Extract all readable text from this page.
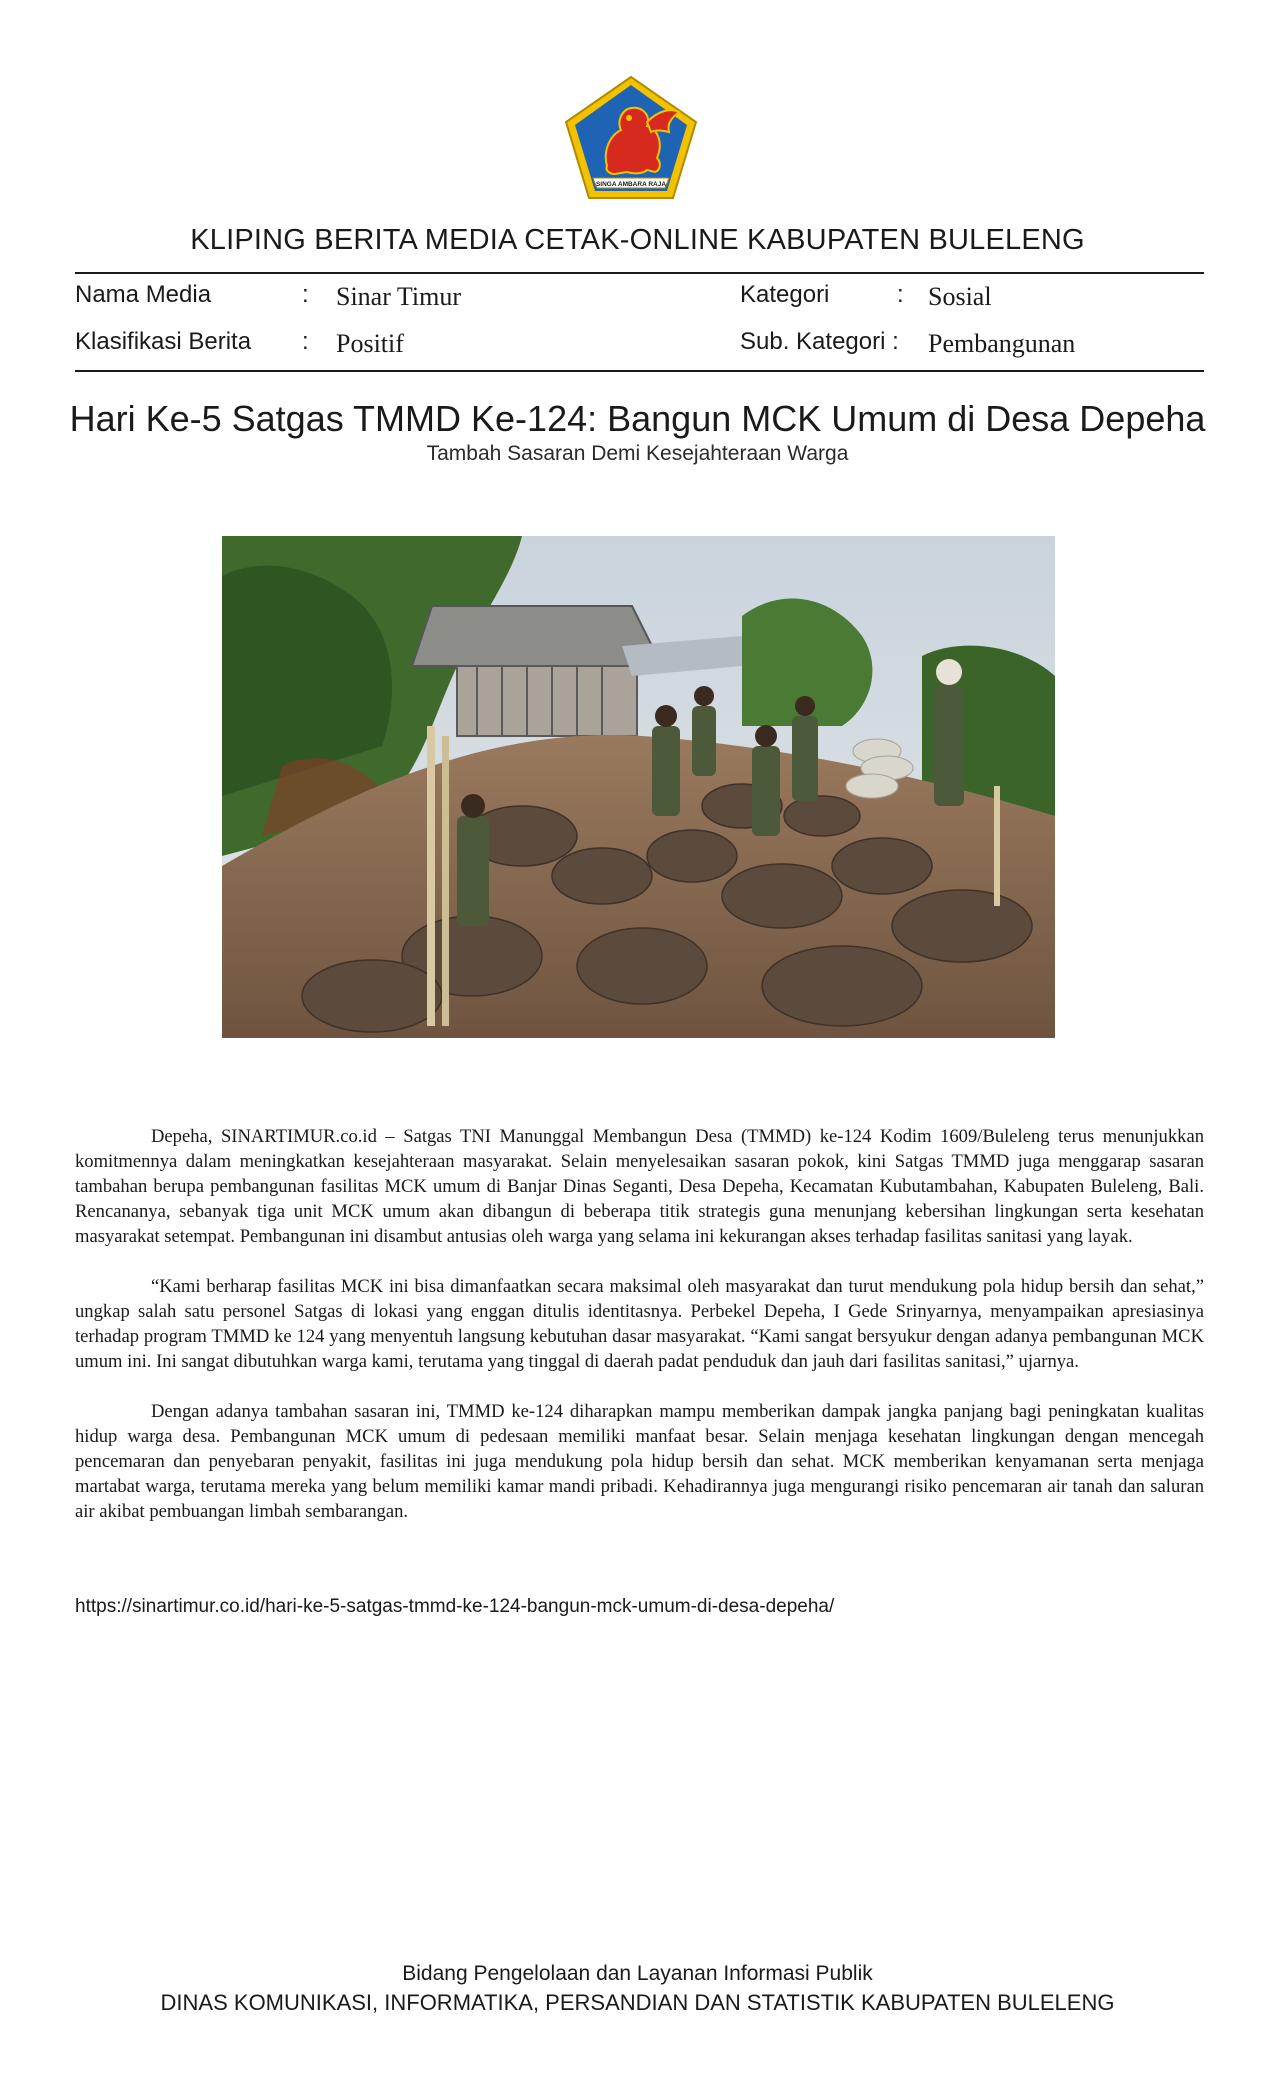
SINGA AMBARA RAJA
KLIPING BERITA MEDIA CETAK-ONLINE KABUPATEN BULELENG
Nama Media	: Sinar Timur	Kategori	: Sosial
Klasifikasi Berita : Positif	Sub. Kategori : Pembangunan
Hari Ke-5 Satgas TMMD Ke-124: Bangun MCK Umum di Desa Depeha
Tambah Sasaran Demi Kesejahteraan Warga

Depeha, SINARTIMUR.co.id – Satgas TNI Manunggal Membangun Desa (TMMD) ke-124 Kodim 1609/Buleleng terus menunjukkan komitmennya dalam meningkatkan kesejahteraan masyarakat. Selain menyelesaikan sasaran pokok, kini Satgas TMMD juga menggarap sasaran tambahan berupa pembangunan fasilitas MCK umum di Banjar Dinas Seganti, Desa Depeha, Kecamatan Kubutambahan, Kabupaten Buleleng, Bali. Rencananya, sebanyak tiga unit MCK umum akan dibangun di beberapa titik strategis guna menunjang kebersihan lingkungan serta kesehatan masyarakat setempat. Pembangunan ini disambut antusias oleh warga yang selama ini kekurangan akses terhadap fasilitas sanitasi yang layak.

“Kami berharap fasilitas MCK ini bisa dimanfaatkan secara maksimal oleh masyarakat dan turut mendukung pola hidup bersih dan sehat,” ungkap salah satu personel Satgas di lokasi yang enggan ditulis identitasnya. Perbekel Depeha, I Gede Srinyarnya, menyampaikan apresiasinya terhadap program TMMD ke 124 yang menyentuh langsung kebutuhan dasar masyarakat. “Kami sangat bersyukur dengan adanya pembangunan MCK umum ini. Ini sangat dibutuhkan warga kami, terutama yang tinggal di daerah padat penduduk dan jauh dari fasilitas sanitasi,” ujarnya.

Dengan adanya tambahan sasaran ini, TMMD ke-124 diharapkan mampu memberikan dampak jangka panjang bagi peningkatan kualitas hidup warga desa. Pembangunan MCK umum di pedesaan memiliki manfaat besar. Selain menjaga kesehatan lingkungan dengan mencegah pencemaran dan penyebaran penyakit, fasilitas ini juga mendukung pola hidup bersih dan sehat. MCK memberikan kenyamanan serta menjaga martabat warga, terutama mereka yang belum memiliki kamar mandi pribadi. Kehadirannya juga mengurangi risiko pencemaran air tanah dan saluran air akibat pembuangan limbah sembarangan.

https://sinartimur.co.id/hari-ke-5-satgas-tmmd-ke-124-bangun-mck-umum-di-desa-depeha/
Bidang Pengelolaan dan Layanan Informasi Publik
DINAS KOMUNIKASI, INFORMATIKA, PERSANDIAN DAN STATISTIK KABUPATEN BULELENG
